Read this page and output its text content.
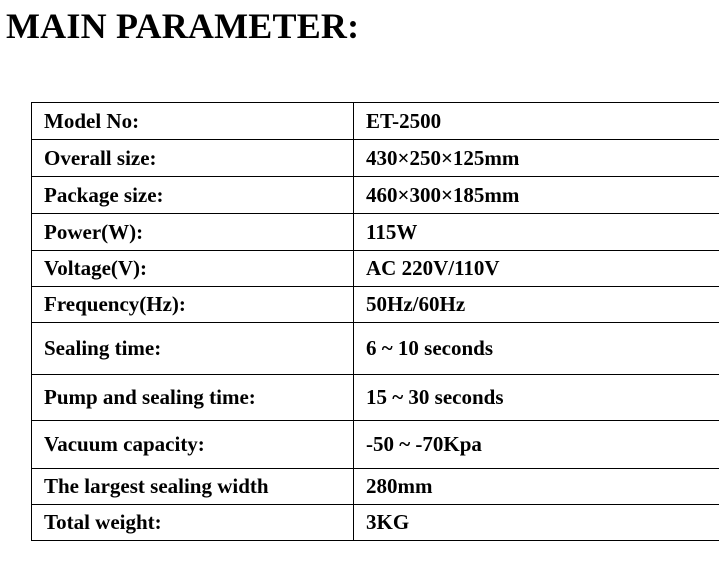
MAIN PARAMETER:
Model No:	ET-2500
Overall size:	430×250×125mm
Package size:	460×300×185mm
Power(W):	115W
Voltage(V):	AC 220V/110V
Frequency(Hz):	50Hz/60Hz
Sealing time:	6 ~ 10 seconds
Pump and sealing time:	15 ~ 30 seconds
Vacuum capacity:	-50 ~ -70Kpa
The largest sealing width	280mm
Total weight:	3KG
